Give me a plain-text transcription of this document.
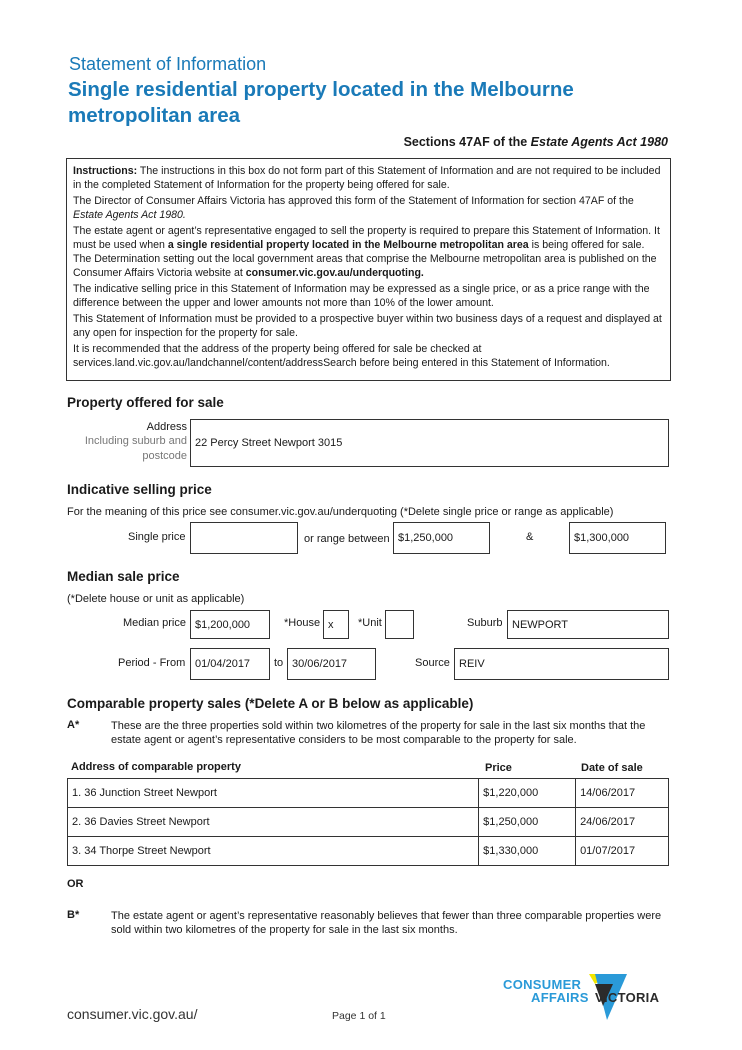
Statement of Information
Single residential property located in the Melbourne metropolitan area
Sections 47AF of the Estate Agents Act 1980

Instructions: The instructions in this box do not form part of this Statement of Information and are not required to be included in the completed Statement of Information for the property being offered for sale.

The Director of Consumer Affairs Victoria has approved this form of the Statement of Information for section 47AF of the Estate Agents Act 1980.

The estate agent or agent’s representative engaged to sell the property is required to prepare this Statement of Information. It must be used when a single residential property located in the Melbourne metropolitan area is being offered for sale. The Determination setting out the local government areas that comprise the Melbourne metropolitan area is published on the Consumer Affairs Victoria website at consumer.vic.gov.au/underquoting.

The indicative selling price in this Statement of Information may be expressed as a single price, or as a price range with the difference between the upper and lower amounts not more than 10% of the lower amount.

This Statement of Information must be provided to a prospective buyer within two business days of a request and displayed at any open for inspection for the property for sale.

It is recommended that the address of the property being offered for sale be checked at services.land.vic.gov.au/landchannel/content/addressSearch before being entered in this Statement of Information.

Property offered for sale
Address
Including suburb and
postcode
22 Percy Street Newport 3015
Indicative selling price
For the meaning of this price see consumer.vic.gov.au/underquoting (*Delete single price or range as applicable)
Single price	or range between $1,250,000	&	$1,300,000
Median sale price
(*Delete house or unit as applicable)
Median price $1,200,000	*House x	*Unit	Suburb NEWPORT
Period - From 01/04/2017	to 30/06/2017	Source REIV
Comparable property sales (*Delete A or B below as applicable)
A*	These are the three properties sold within two kilometres of the property for sale in the last six months that the estate agent or agent’s representative considers to be most comparable to the property for sale.
Address of comparable property	Price	Date of sale
1. 36 Junction Street Newport	$1,220,000	14/06/2017
2. 36 Davies Street Newport	$1,250,000	24/06/2017
3. 34 Thorpe Street Newport	$1,330,000	01/07/2017
OR
B*	The estate agent or agent’s representative reasonably believes that fewer than three comparable properties were sold within two kilometres of the property for sale in the last six months.
CONSUMER
AFFAIRS VICTORIA
consumer.vic.gov.au/	Page 1 of 1
